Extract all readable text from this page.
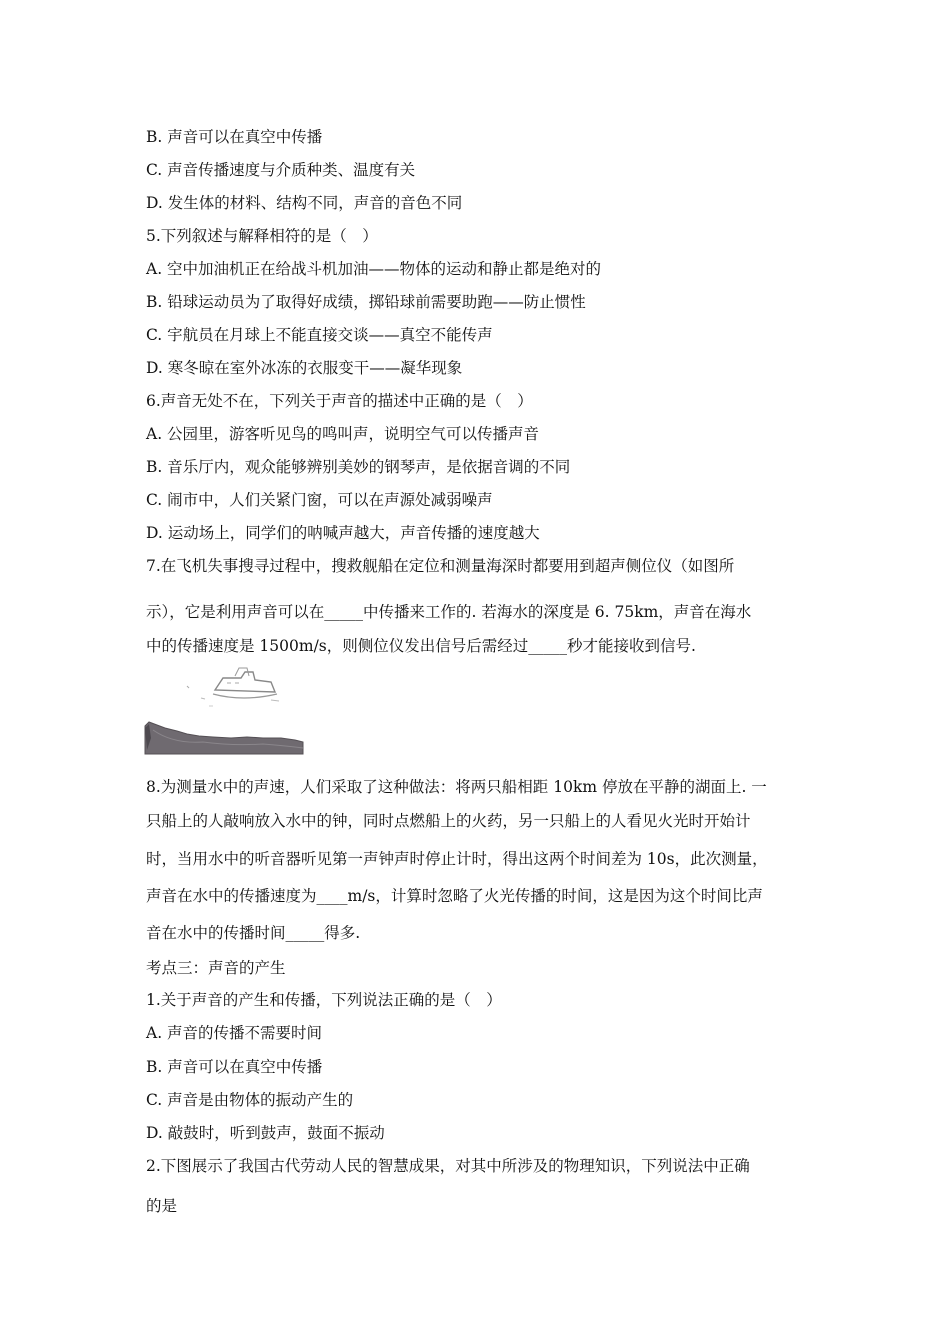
B. 声音可以在真空中传播
C. 声音传播速度与介质种类、温度有关
D. 发生体的材料、结构不同，声音的音色不同
5.下列叙述与解释相符的是（　）
A. 空中加油机正在给战斗机加油——物体的运动和静止都是绝对的
B. 铅球运动员为了取得好成绩，掷铅球前需要助跑——防止惯性
C. 宇航员在月球上不能直接交谈——真空不能传声
D. 寒冬晾在室外冰冻的衣服变干——凝华现象
6.声音无处不在，下列关于声音的描述中正确的是（　）
A. 公园里，游客听见鸟的鸣叫声，说明空气可以传播声音
B. 音乐厅内，观众能够辨别美妙的钢琴声，是依据音调的不同
C. 闹市中，人们关紧门窗，可以在声源处减弱噪声
D. 运动场上，同学们的呐喊声越大，声音传播的速度越大
7.在飞机失事搜寻过程中，搜救舰船在定位和测量海深时都要用到超声侧位仪（如图所
示），它是利用声音可以在_____中传播来工作的. 若海水的深度是 6. 75km，声音在海水
中的传播速度是 1500m/s，则侧位仪发出信号后需经过_____秒才能接收到信号.
8.为测量水中的声速，人们采取了这种做法：将两只船相距 10km 停放在平静的湖面上. 一
只船上的人敲响放入水中的钟，同时点燃船上的火药，另一只船上的人看见火光时开始计
时，当用水中的听音器听见第一声钟声时停止计时，得出这两个时间差为 10s，此次测量，
声音在水中的传播速度为____m/s，计算时忽略了火光传播的时间，这是因为这个时间比声
音在水中的传播时间_____得多.
考点三：声音的产生
1.关于声音的产生和传播，下列说法正确的是（　）
A. 声音的传播不需要时间
B. 声音可以在真空中传播
C. 声音是由物体的振动产生的
D. 敲鼓时，听到鼓声，鼓面不振动
2.下图展示了我国古代劳动人民的智慧成果，对其中所涉及的物理知识，下列说法中正确
的是
